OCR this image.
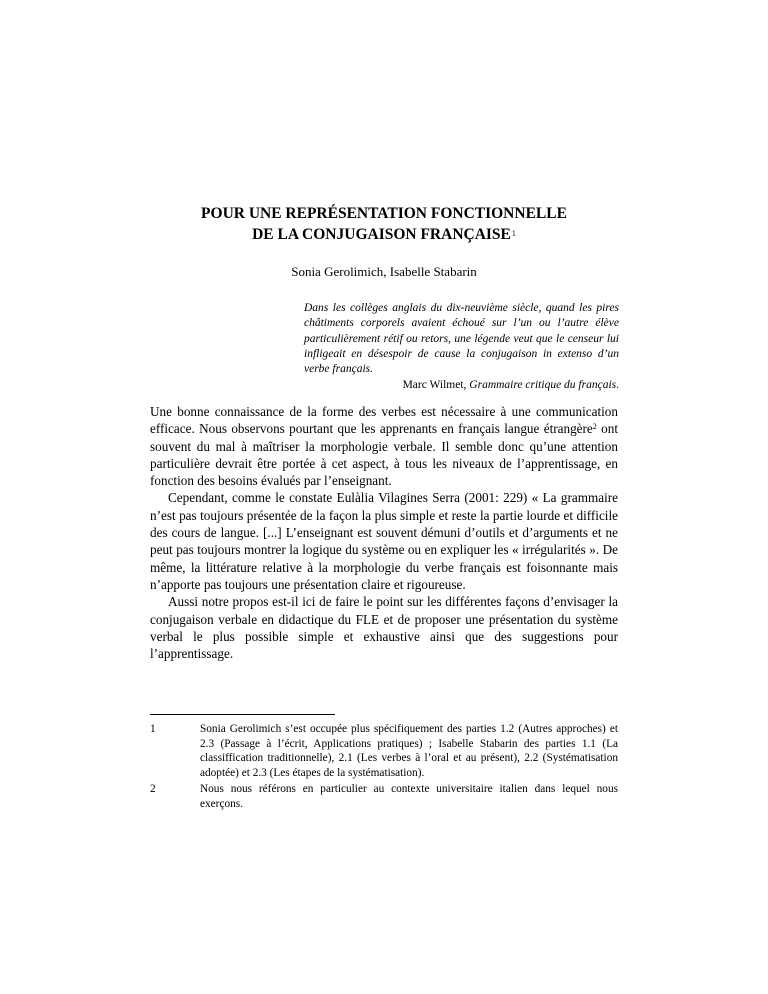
POUR UNE REPRÉSENTATION FONCTIONNELLE
DE LA CONJUGAISON FRANÇAISE$^1$
Sonia Gerolimich, Isabelle Stabarin
Dans les collèges anglais du dix-neuvième siècle, quand les pires châtiments corporels avaient échoué sur l’un ou l’autre élève particulièrement rétif ou retors, une légende veut que le censeur lui infligeait en désespoir de cause la conjugaison in extenso d’un verbe français.
Marc Wilmet, Grammaire critique du français.

Une bonne connaissance de la forme des verbes est nécessaire à une communication efficace. Nous observons pourtant que les apprenants en français langue étrangère$^2$ ont souvent du mal à maîtriser la morphologie verbale. Il semble donc qu’une attention particulière devrait être portée à cet aspect, à tous les niveaux de l’apprentissage, en fonction des besoins évalués par l’enseignant.

Cependant, comme le constate Eulàlia Vilagines Serra (2001: 229) « La grammaire n’est pas toujours présentée de la façon la plus simple et reste la partie lourde et difficile des cours de langue. [...] L’enseignant est souvent démuni d’outils et d’arguments et ne peut pas toujours montrer la logique du système ou en expliquer les « irrégularités ». De même, la littérature relative à la morphologie du verbe français est foisonnante mais n’apporte pas toujours une présentation claire et rigoureuse.

Aussi notre propos est-il ici de faire le point sur les différentes façons d’envisager la conjugaison verbale en didactique du FLE et de proposer une présentation du système verbal le plus possible simple et exhaustive ainsi que des suggestions pour l’apprentissage.

1	Sonia Gerolimich s’est occupée plus spécifiquement des parties 1.2 (Autres approches) et 2.3 (Passage à l’écrit, Applications pratiques) ; Isabelle Stabarin des parties 1.1 (La classiffication traditionnelle), 2.1 (Les verbes à l’oral et au présent), 2.2 (Systématisation adoptée) et 2.3 (Les étapes de la systématisation).
2	Nous nous référons en particulier au contexte universitaire italien dans lequel nous exerçons.
